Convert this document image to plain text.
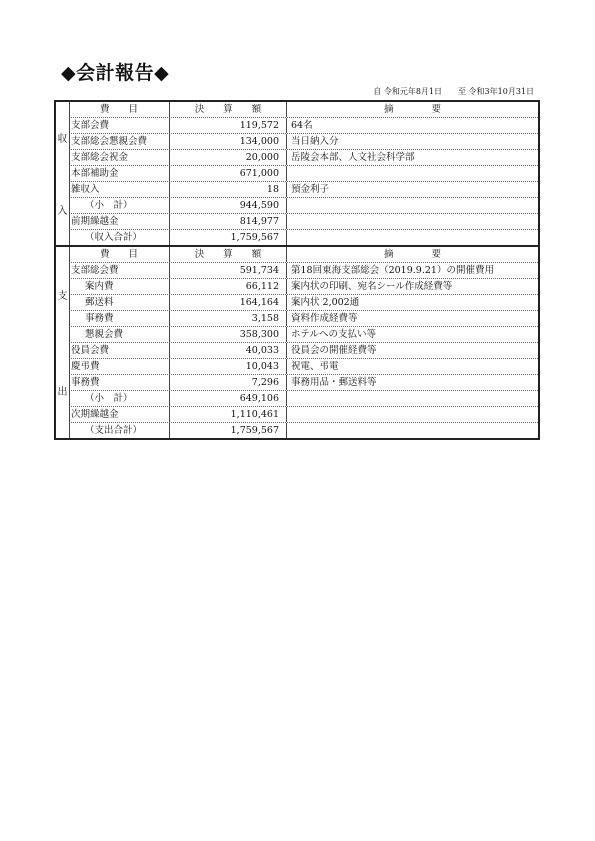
◆会計報告◆
自 令和元年8月1日　　至 令和3年10月31日
収
入
費　　目	決　　算　　額	摘　　　　要
支部会費	119,572	64名
支部総会懇親会費	134,000	当日納入分
支部総会祝金	20,000	岳陵会本部、人文社会科学部
本部補助金	671,000
雑収入	18	預金利子
（小　計）	944,590
前期繰越金	814,977
（収入合計）	1,759,567
支
出
費　　目	決　　算　　額	摘　　　　要
支部総会費	591,734	第18回東海支部総会（2019.9.21）の開催費用
案内費	66,112	案内状の印刷、宛名シール作成経費等
郵送料	164,164	案内状 2,002通
事務費	3,158	資料作成経費等
懇親会費	358,300	ホテルへの支払い等
役員会費	40,033	役員会の開催経費等
慶弔費	10,043	祝電、弔電
事務費	7,296	事務用品・郵送料等
（小　計）	649,106
次期繰越金	1,110,461
（支出合計）	1,759,567
